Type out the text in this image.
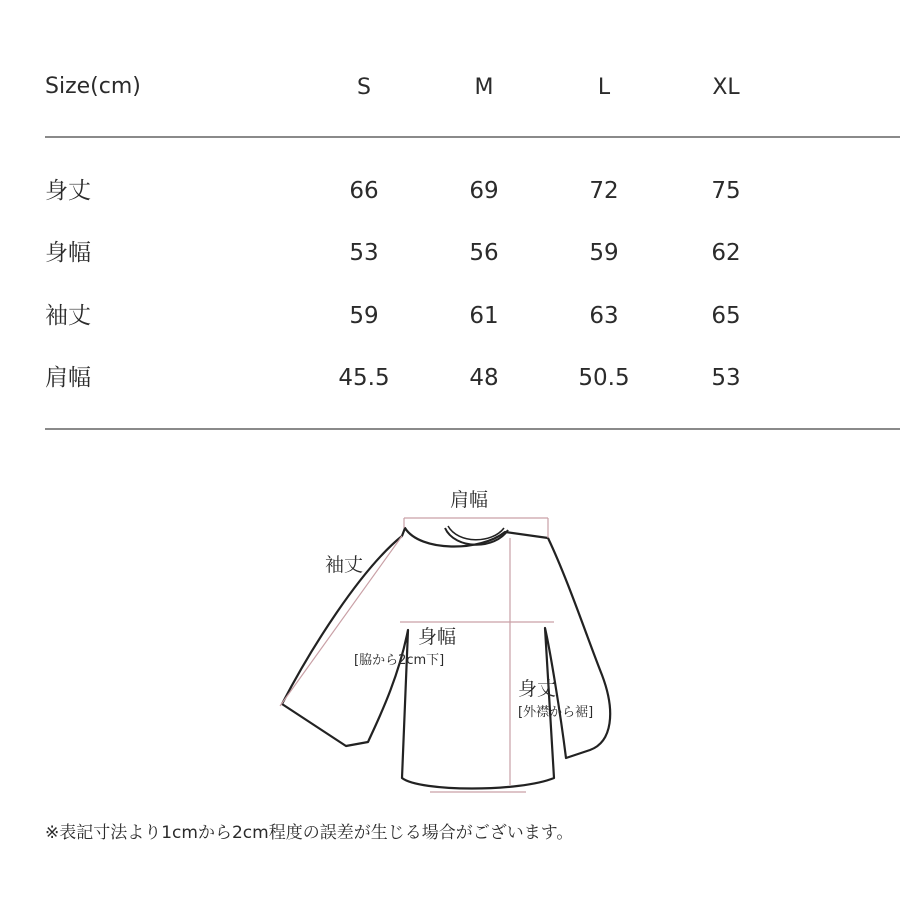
Size(cm)	S	M	L	XL
身丈	66	69	72	75
身幅	53	56	59	62
袖丈	59	61	63	65
肩幅	45.5	48	50.5	53
肩幅
袖丈
身幅
[脇から2cm下]
身丈
[外襟から裾]
※表記寸法より1cmから2cm程度の誤差が生じる場合がございます。
